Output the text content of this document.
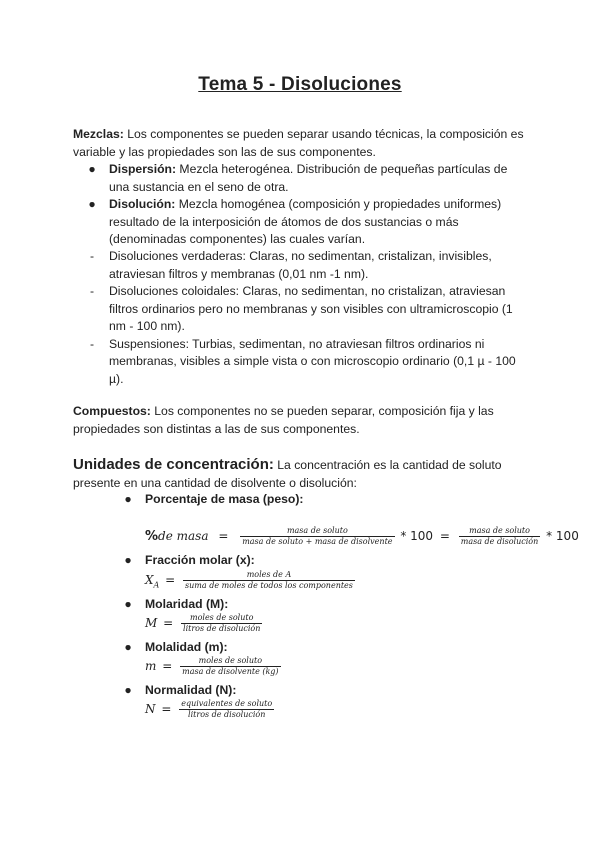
Tema 5 - Disoluciones
Mezclas: Los componentes se pueden separar usando técnicas, la composición es variable y las propiedades son las de sus componentes.
● Dispersión: Mezcla heterogénea. Distribución de pequeñas partículas de una sustancia en el seno de otra.
● Disolución: Mezcla homogénea (composición y propiedades uniformes) resultado de la interposición de átomos de dos sustancias o más (denominadas componentes) las cuales varían.
- Disoluciones verdaderas: Claras, no sedimentan, cristalizan, invisibles, atraviesan filtros y membranas (0,01 nm -1 nm).
- Disoluciones coloidales: Claras, no sedimentan, no cristalizan, atraviesan filtros ordinarios pero no membranas y son visibles con ultramicroscopio (1 nm - 100 nm).
- Suspensiones: Turbias, sedimentan, no atraviesan filtros ordinarios ni membranas, visibles a simple vista o con microscopio ordinario (0,1 µ - 100 µ).
Compuestos: Los componentes no se pueden separar, composición fija y las propiedades son distintas a las de sus componentes.
Unidades de concentración: La concentración es la cantidad de soluto presente en una cantidad de disolvente o disolución:
● Porcentaje de masa (peso):
%de masa = $\frac{\text{masa de soluto}}{\text{masa de soluto + masa de disolvente}} * 100 = \frac{\text{masa de soluto}}{\text{masa de disolución}} * 100$
● Fracción molar (x):
$X_A = \frac{\text{moles de A}}{\text{suma de moles de todos los componentes}}$
● Molaridad (M):
$M = \frac{\text{moles de soluto}}{\text{litros de disolución}}$
● Molalidad (m):
$m = \frac{\text{moles de soluto}}{\text{masa de disolvente (kg)}}$
● Normalidad (N):
$N = \frac{\text{equivalentes de soluto}}{\text{litros de disolución}}$
